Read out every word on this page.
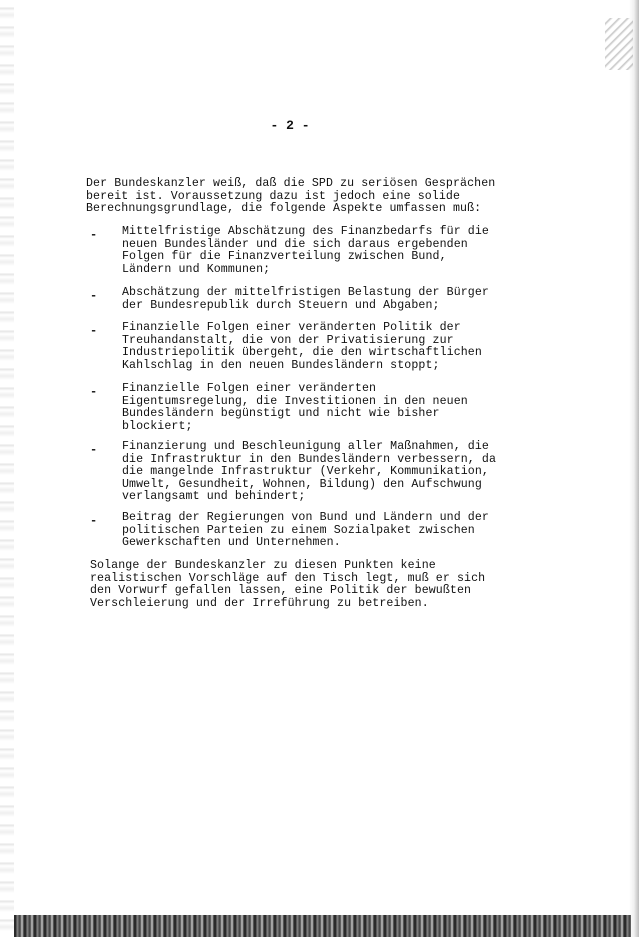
- 2 -

Der Bundeskanzler weiß, daß die SPD zu seriösen Gesprächen
bereit ist. Voraussetzung dazu ist jedoch eine solide
Berechnungsgrundlage, die folgende Aspekte umfassen muß:

- Mittelfristige Abschätzung des Finanzbedarfs für die
neuen Bundesländer und die sich daraus ergebenden
Folgen für die Finanzverteilung zwischen Bund,
Ländern und Kommunen;

- Abschätzung der mittelfristigen Belastung der Bürger
der Bundesrepublik durch Steuern und Abgaben;

- Finanzielle Folgen einer veränderten Politik der
Treuhandanstalt, die von der Privatisierung zur
Industriepolitik übergeht, die den wirtschaftlichen
Kahlschlag in den neuen Bundesländern stoppt;

- Finanzielle Folgen einer veränderten
Eigentumsregelung, die Investitionen in den neuen
Bundesländern begünstigt und nicht wie bisher
blockiert;

- Finanzierung und Beschleunigung aller Maßnahmen, die
die Infrastruktur in den Bundesländern verbessern, da
die mangelnde Infrastruktur (Verkehr, Kommunikation,
Umwelt, Gesundheit, Wohnen, Bildung) den Aufschwung
verlangsamt und behindert;

- Beitrag der Regierungen von Bund und Ländern und der
politischen Parteien zu einem Sozialpaket zwischen
Gewerkschaften und Unternehmen.

Solange der Bundeskanzler zu diesen Punkten keine
realistischen Vorschläge auf den Tisch legt, muß er sich
den Vorwurf gefallen lassen, eine Politik der bewußten
Verschleierung und der Irreführung zu betreiben.
